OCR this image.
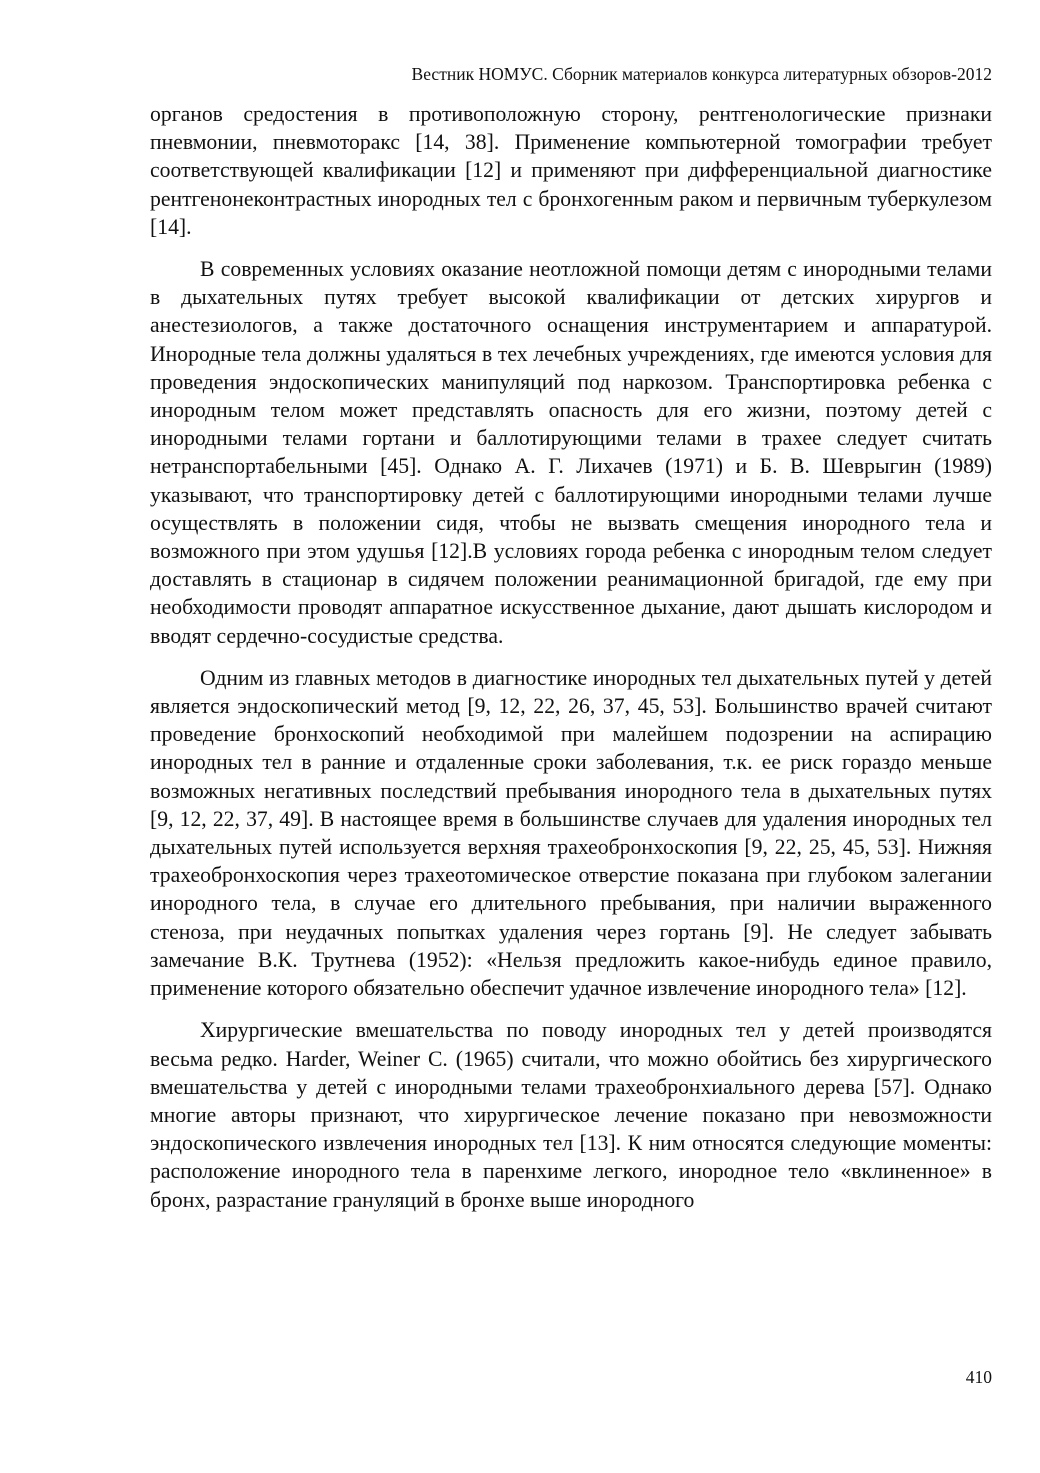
Вестник НОМУС. Сборник материалов конкурса литературных обзоров-2012

органов средостения в противоположную сторону, рентгенологические признаки пневмонии, пневмоторакс [14, 38]. Применение компьютерной томографии требует соответствующей квалификации [12] и применяют при дифференциальной диагностике рентгенонеконтрастных инородных тел с бронхогенным раком и первичным туберкулезом [14].

В современных условиях оказание неотложной помощи детям с инородными телами в дыхательных путях требует высокой квалификации от детских хирургов и анестезиологов, а также достаточного оснащения инструментарием и аппаратурой. Инородные тела должны удаляться в тех лечебных учреждениях, где имеются условия для проведения эндоскопических манипуляций под наркозом. Транспортировка ребенка с инородным телом может представлять опасность для его жизни, поэтому детей с инородными телами гортани и баллотирующими телами в трахее следует считать нетранспортабельными [45]. Однако А. Г. Лихачев (1971) и Б. В. Шеврыгин (1989) указывают, что транспортировку детей с баллотирующими инородными телами лучше осуществлять в положении сидя, чтобы не вызвать смещения инородного тела и возможного при этом удушья [12].В условиях города ребенка с инородным телом следует доставлять в стационар в сидячем положении реанимационной бригадой, где ему при необходимости проводят аппаратное искусственное дыхание, дают дышать кислородом и вводят сердечно-сосудистые средства.

Одним из главных методов в диагностике инородных тел дыхательных путей у детей является эндоскопический метод [9, 12, 22, 26, 37, 45, 53]. Большинство врачей считают проведение бронхоскопий необходимой при малейшем подозрении на аспирацию инородных тел в ранние и отдаленные сроки заболевания, т.к. ее риск гораздо меньше возможных негативных последствий пребывания инородного тела в дыхательных путях [9, 12, 22, 37, 49]. В настоящее время в большинстве случаев для удаления инородных тел дыхательных путей используется верхняя трахеобронхоскопия [9, 22, 25, 45, 53]. Нижняя трахеобронхоскопия через трахеотомическое отверстие показана при глубоком залегании инородного тела, в случае его длительного пребывания, при наличии выраженного стеноза, при неудачных попытках удаления через гортань [9]. Не следует забывать замечание В.К. Трутнева (1952): «Нельзя предложить какое-нибудь единое правило, применение которого обязательно обеспечит удачное извлечение инородного тела» [12].

Хирургические вмешательства по поводу инородных тел у детей производятся весьма редко. Harder, Weiner C. (1965) считали, что можно обойтись без хирургического вмешательства у детей с инородными телами трахеобронхиального дерева [57]. Однако многие авторы признают, что хирургическое лечение показано при невозможности эндоскопического извлечения инородных тел [13]. К ним относятся следующие моменты: расположение инородного тела в паренхиме легкого, инородное тело «вклиненное» в бронх, разрастание грануляций в бронхе выше инородного

410
